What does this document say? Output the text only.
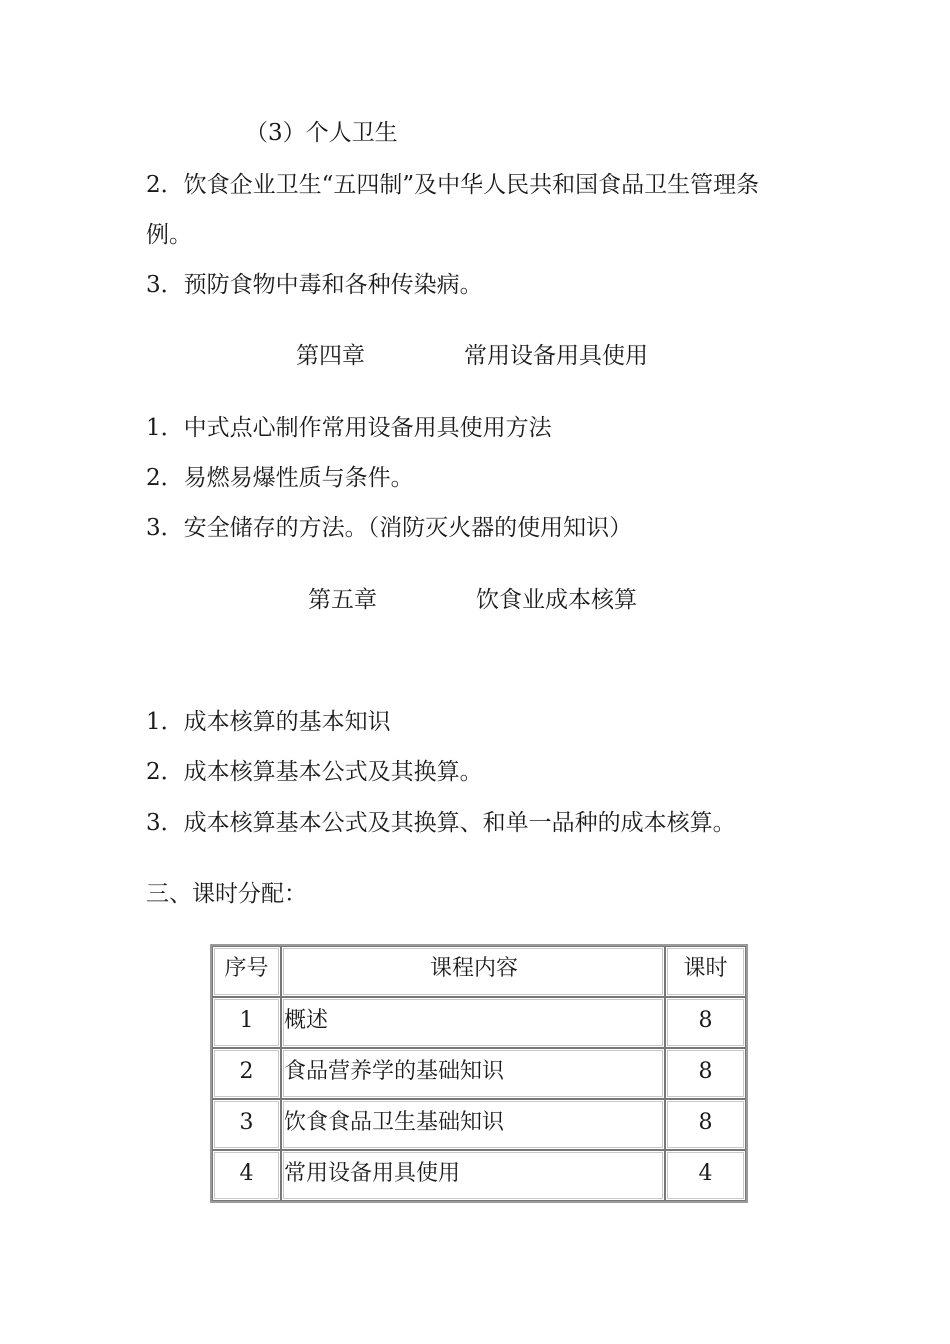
（3）个人卫生
2．饮食企业卫生“五四制”及中华人民共和国食品卫生管理条
例。
3．预防食物中毒和各种传染病。
第四章	常用设备用具使用
1．中式点心制作常用设备用具使用方法
2．易燃易爆性质与条件。
3．安全储存的方法。（消防灭火器的使用知识）
第五章	饮食业成本核算
1．成本核算的基本知识
2．成本核算基本公式及其换算。
3．成本核算基本公式及其换算、和单一品种的成本核算。
三、课时分配：
序号	课程内容	课时

1	概述	8

2	食品营养学的基础知识	8

3	饮食食品卫生基础知识	8

4	常用设备用具使用	4
